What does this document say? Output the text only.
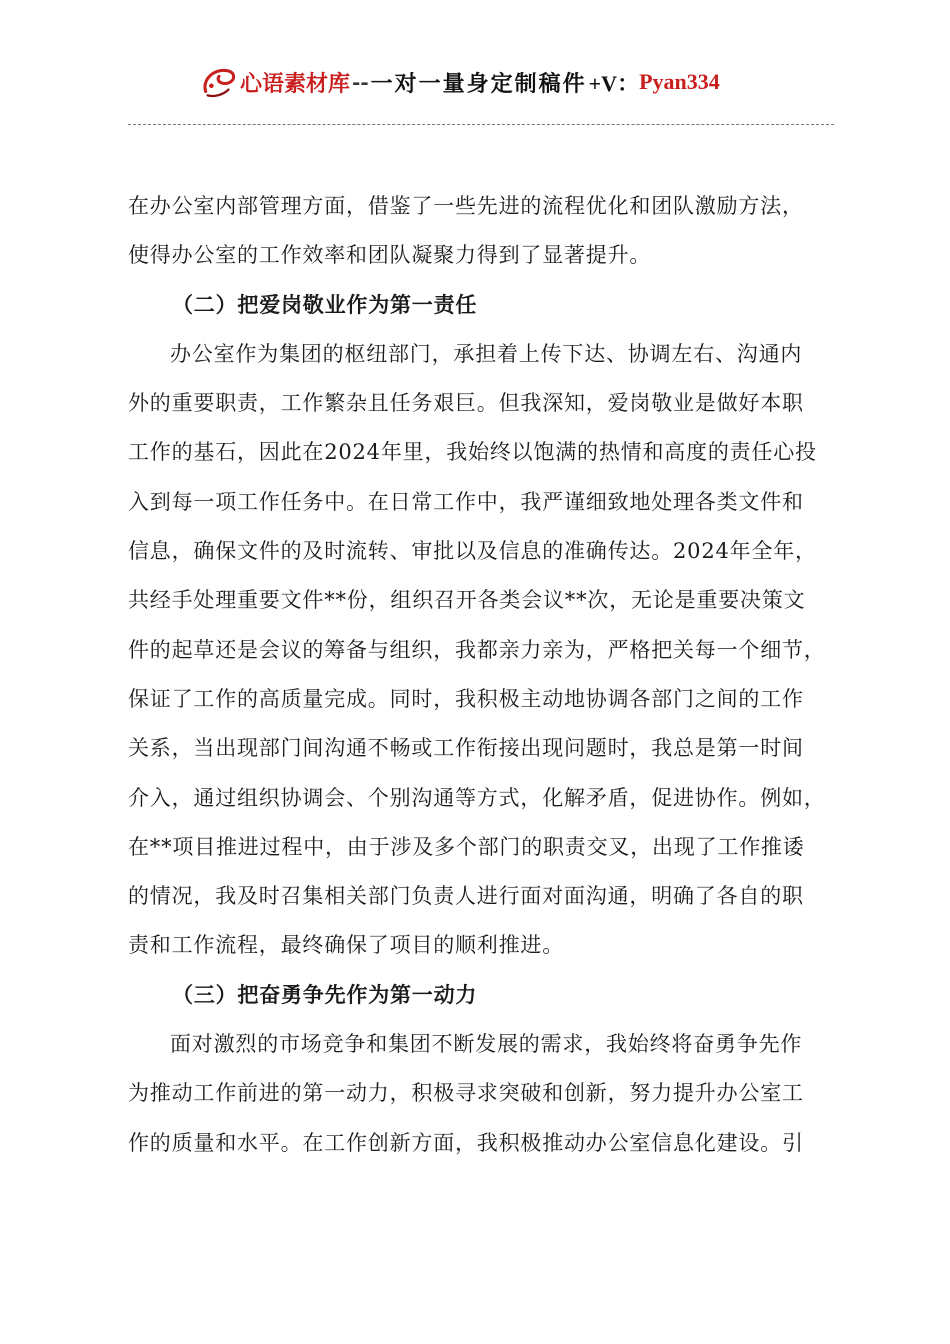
心语素材库 -- 一对一量身定制稿件 +V： Pyan334

在办公室内部管理方面，借鉴了一些先进的流程优化和团队激励方法，
使得办公室的工作效率和团队凝聚力得到了显著提升。

（二）把爱岗敬业作为第一责任

办公室作为集团的枢纽部门，承担着上传下达、协调左右、沟通内
外的重要职责，工作繁杂且任务艰巨。但我深知，爱岗敬业是做好本职
工作的基石，因此在2024年里，我始终以饱满的热情和高度的责任心投
入到每一项工作任务中。在日常工作中，我严谨细致地处理各类文件和
信息，确保文件的及时流转、审批以及信息的准确传达。2024年全年，
共经手处理重要文件**份，组织召开各类会议**次，无论是重要决策文
件的起草还是会议的筹备与组织，我都亲力亲为，严格把关每一个细节，
保证了工作的高质量完成。同时，我积极主动地协调各部门之间的工作
关系，当出现部门间沟通不畅或工作衔接出现问题时，我总是第一时间
介入，通过组织协调会、个别沟通等方式，化解矛盾，促进协作。例如，
在**项目推进过程中，由于涉及多个部门的职责交叉，出现了工作推诿
的情况，我及时召集相关部门负责人进行面对面沟通，明确了各自的职
责和工作流程，最终确保了项目的顺利推进。

（三）把奋勇争先作为第一动力

面对激烈的市场竞争和集团不断发展的需求，我始终将奋勇争先作
为推动工作前进的第一动力，积极寻求突破和创新，努力提升办公室工
作的质量和水平。在工作创新方面，我积极推动办公室信息化建设。引
